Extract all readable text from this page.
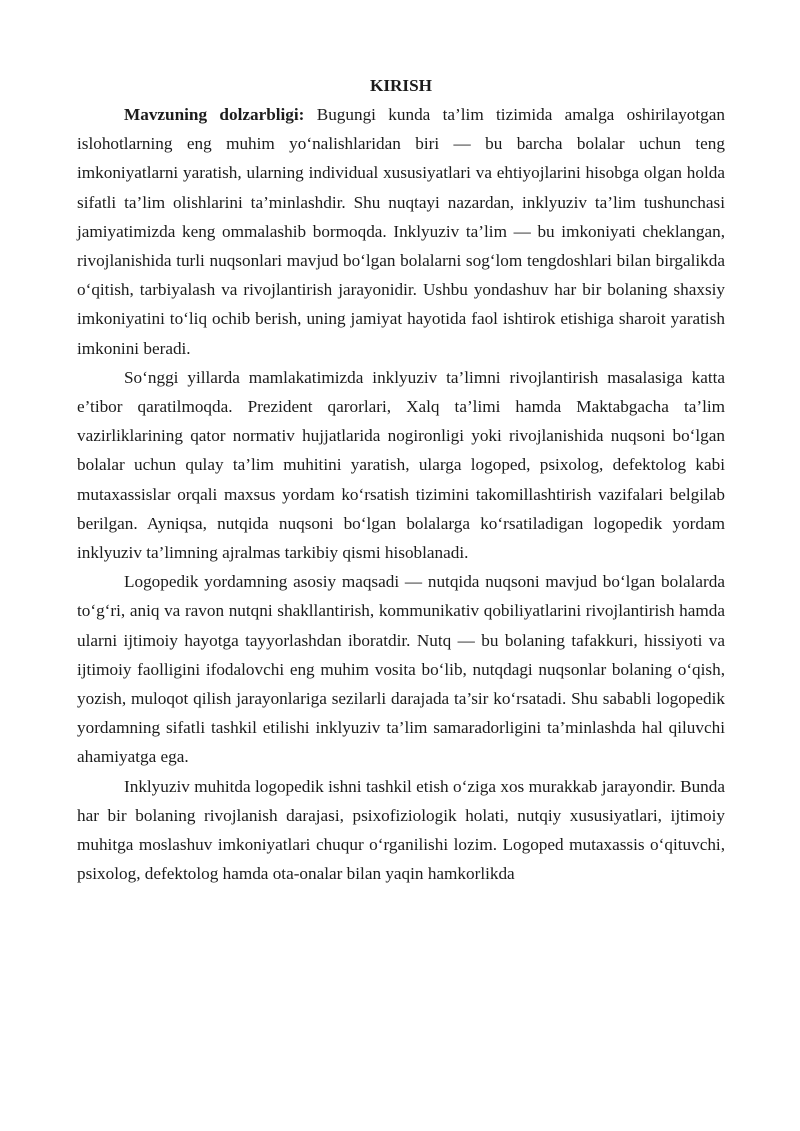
KIRISH

Mavzuning dolzarbligi: Bugungi kunda ta’lim tizimida amalga oshirilayotgan islohotlarning eng muhim yo‘nalishlaridan biri — bu barcha bolalar uchun teng imkoniyatlarni yaratish, ularning individual xususiyatlari va ehtiyojlarini hisobga olgan holda sifatli ta’lim olishlarini ta’minlashdir. Shu nuqtayi nazardan, inklyuziv ta’lim tushunchasi jamiyatimizda keng ommalashib bormoqda. Inklyuziv ta’lim — bu imkoniyati cheklangan, rivojlanishida turli nuqsonlari mavjud bo‘lgan bolalarni sog‘lom tengdoshlari bilan birgalikda o‘qitish, tarbiyalash va rivojlantirish jarayonidir. Ushbu yondashuv har bir bolaning shaxsiy imkoniyatini to‘liq ochib berish, uning jamiyat hayotida faol ishtirok etishiga sharoit yaratish imkonini beradi.

So‘nggi yillarda mamlakatimizda inklyuziv ta’limni rivojlantirish masalasiga katta e’tibor qaratilmoqda. Prezident qarorlari, Xalq ta’limi hamda Maktabgacha ta’lim vazirliklarining qator normativ hujjatlarida nogironligi yoki rivojlanishida nuqsoni bo‘lgan bolalar uchun qulay ta’lim muhitini yaratish, ularga logoped, psixolog, defektolog kabi mutaxassislar orqali maxsus yordam ko‘rsatish tizimini takomillashtirish vazifalari belgilab berilgan. Ayniqsa, nutqida nuqsoni bo‘lgan bolalarga ko‘rsatiladigan logopedik yordam inklyuziv ta’limning ajralmas tarkibiy qismi hisoblanadi.

Logopedik yordamning asosiy maqsadi — nutqida nuqsoni mavjud bo‘lgan bolalarda to‘g‘ri, aniq va ravon nutqni shakllantirish, kommunikativ qobiliyatlarini rivojlantirish hamda ularni ijtimoiy hayotga tayyorlashdan iboratdir. Nutq — bu bolaning tafakkuri, hissiyoti va ijtimoiy faolligini ifodalovchi eng muhim vosita bo‘lib, nutqdagi nuqsonlar bolaning o‘qish, yozish, muloqot qilish jarayonlariga sezilarli darajada ta’sir ko‘rsatadi. Shu sababli logopedik yordamning sifatli tashkil etilishi inklyuziv ta’lim samaradorligini ta’minlashda hal qiluvchi ahamiyatga ega.

Inklyuziv muhitda logopedik ishni tashkil etish o‘ziga xos murakkab jarayondir. Bunda har bir bolaning rivojlanish darajasi, psixofiziologik holati, nutqiy xususiyatlari, ijtimoiy muhitga moslashuv imkoniyatlari chuqur o‘rganilishi lozim. Logoped mutaxassis o‘qituvchi, psixolog, defektolog hamda ota-onalar bilan yaqin hamkorlikda
